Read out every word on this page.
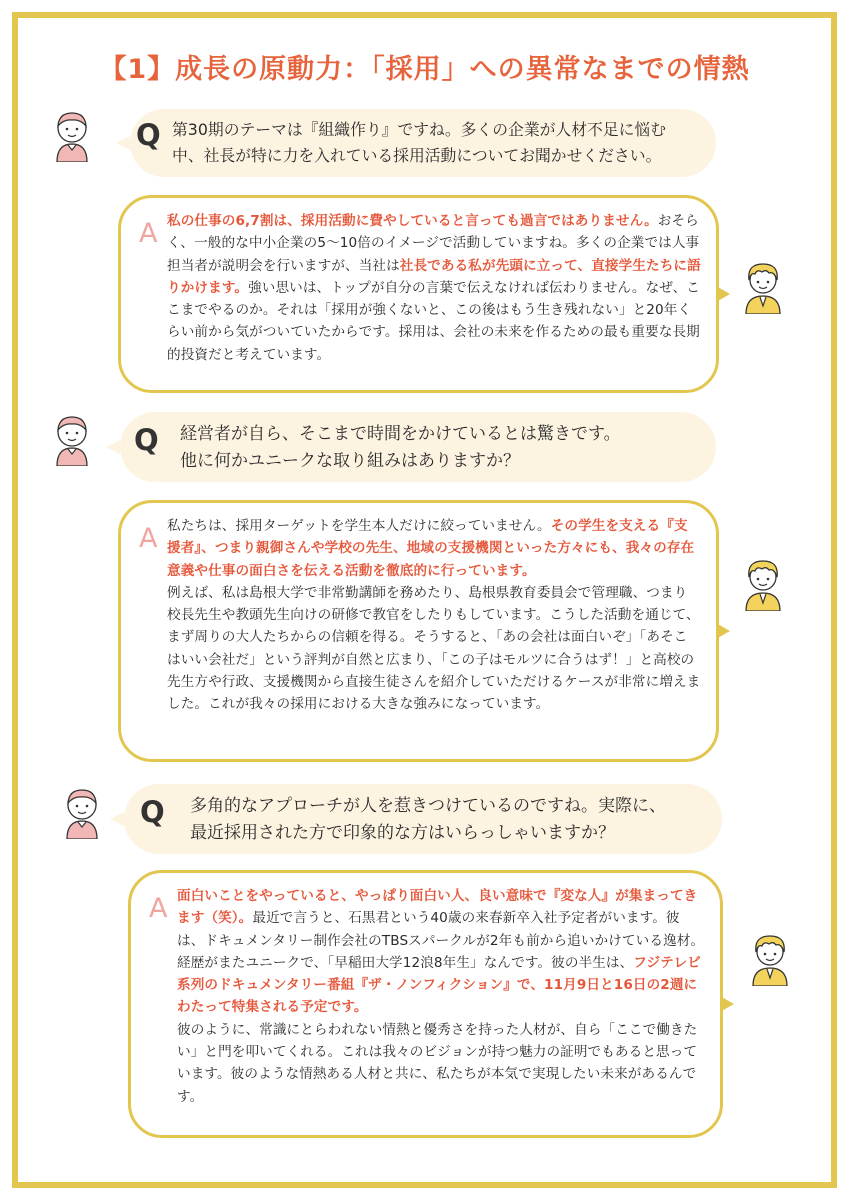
【1】成長の原動力：「採用」への異常なまでの情熱
Q 第30期のテーマは『組織作り』ですね。多くの企業が人材不足に悩む
中、社長が特に力を入れている採用活動についてお聞かせください。

A 私の仕事の6,7割は、採用活動に費やしていると言っても過言ではありません。おそらく、一般的な中小企業の5〜10倍のイメージで活動していますね。多くの企業では人事担当者が説明会を行いますが、当社は社長である私が先頭に立って、直接学生たちに語りかけます。強い思いは、トップが自分の言葉で伝えなければ伝わりません。なぜ、ここまでやるのか。それは「採用が強くないと、この後はもう生き残れない」と20年くらい前から気がついていたからです。採用は、会社の未来を作るための最も重要な長期的投資だと考えています。

Q 経営者が自ら、そこまで時間をかけているとは驚きです。
他に何かユニークな取り組みはありますか？

A 私たちは、採用ターゲットを学生本人だけに絞っていません。その学生を支える『支援者』、つまり親御さんや学校の先生、地域の支援機関といった方々にも、我々の存在意義や仕事の面白さを伝える活動を徹底的に行っています。
例えば、私は島根大学で非常勤講師を務めたり、島根県教育委員会で管理職、つまり校長先生や教頭先生向けの研修で教官をしたりもしています。こうした活動を通じて、まず周りの大人たちからの信頼を得る。そうすると、「あの会社は面白いぞ」「あそこはいい会社だ」という評判が自然と広まり、「この子はモルツに合うはず！」と高校の先生方や行政、支援機関から直接生徒さんを紹介していただけるケースが非常に増えました。これが我々の採用における大きな強みになっています。

Q 多角的なアプローチが人を惹きつけているのですね。実際に、
最近採用された方で印象的な方はいらっしゃいますか？

A 面白いことをやっていると、やっぱり面白い人、良い意味で『変な人』が集まってきます（笑）。最近で言うと、石黒君という40歳の来春新卒入社予定者がいます。彼は、ドキュメンタリー制作会社のTBSスパークルが2年も前から追いかけている逸材。
経歴がまたユニークで、「早稲田大学12浪8年生」なんです。彼の半生は、フジテレビ系列のドキュメンタリー番組『ザ・ノンフィクション』で、11月9日と16日の2週にわたって特集される予定です。
彼のように、常識にとらわれない情熱と優秀さを持った人材が、自ら「ここで働きたい」と門を叩いてくれる。これは我々のビジョンが持つ魅力の証明でもあると思っています。彼のような情熱ある人材と共に、私たちが本気で実現したい未来があるんです。
